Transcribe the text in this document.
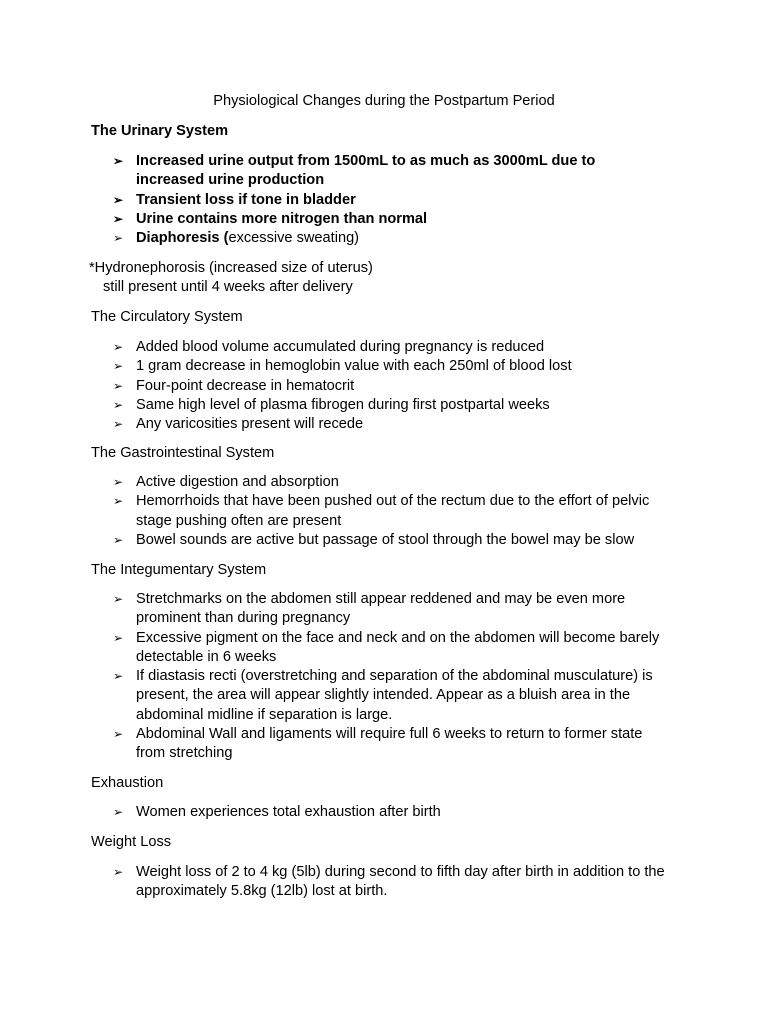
Physiological Changes during the Postpartum Period
The Urinary System
➢ Increased urine output from 1500mL to as much as 3000mL due to increased urine production
➢ Transient loss if tone in bladder
➢ Urine contains more nitrogen than normal
➢ Diaphoresis (excessive sweating)
*Hydronephorosis (increased size of uterus)
still present until 4 weeks after delivery
The Circulatory System
➢ Added blood volume accumulated during pregnancy is reduced
➢ 1 gram decrease in hemoglobin value with each 250ml of blood lost
➢ Four-point decrease in hematocrit
➢ Same high level of plasma fibrogen during first postpartal weeks
➢ Any varicosities present will recede
The Gastrointestinal System
➢ Active digestion and absorption
➢ Hemorrhoids that have been pushed out of the rectum due to the effort of pelvic stage pushing often are present
➢ Bowel sounds are active but passage of stool through the bowel may be slow
The Integumentary System
➢ Stretchmarks on the abdomen still appear reddened and may be even more prominent than during pregnancy
➢ Excessive pigment on the face and neck and on the abdomen will become barely detectable in 6 weeks
➢ If diastasis recti (overstretching and separation of the abdominal musculature) is present, the area will appear slightly intended. Appear as a bluish area in the abdominal midline if separation is large.
➢ Abdominal Wall and ligaments will require full 6 weeks to return to former state from stretching
Exhaustion
➢ Women experiences total exhaustion after birth
Weight Loss
➢ Weight loss of 2 to 4 kg (5lb) during second to fifth day after birth in addition to the approximately 5.8kg (12lb) lost at birth.
